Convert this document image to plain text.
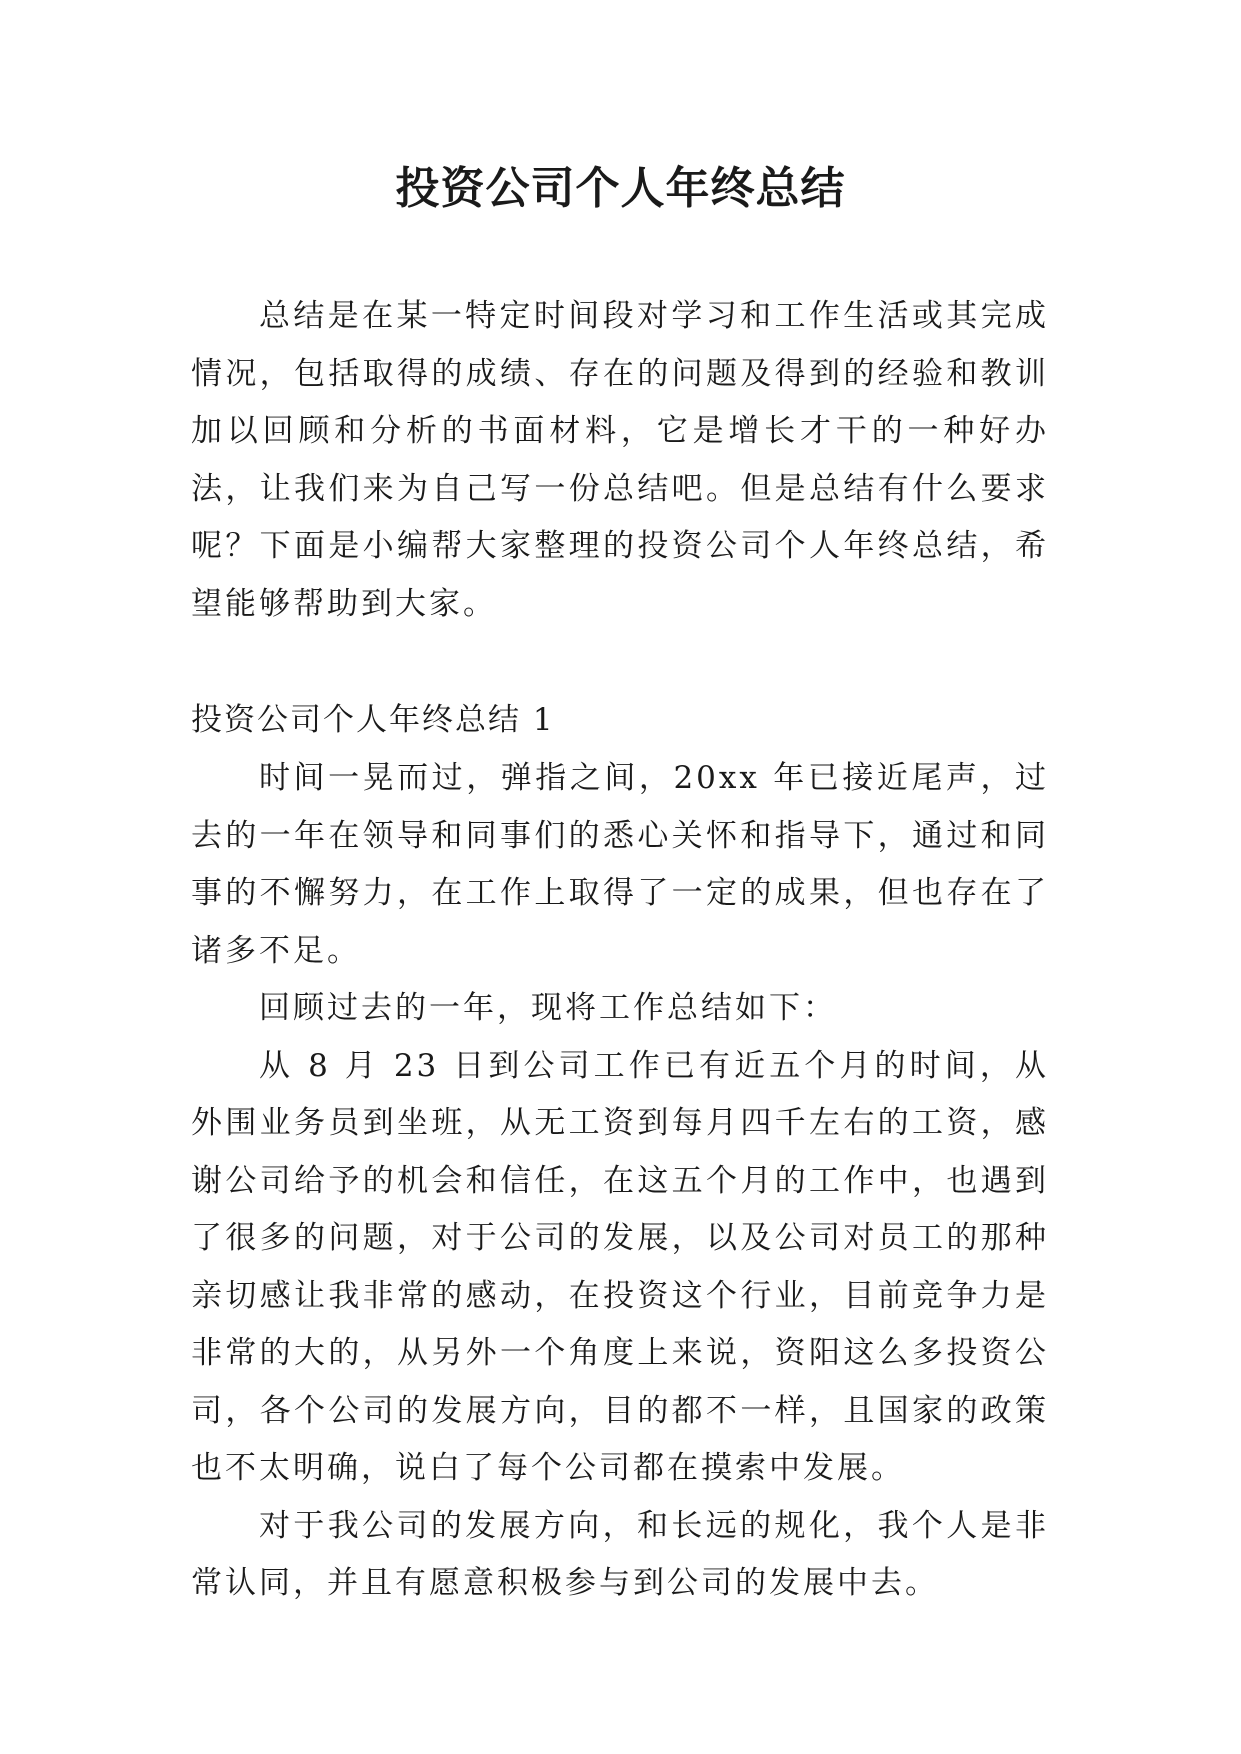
投资公司个人年终总结

总结是在某一特定时间段对学习和工作生活或其完成情况，包括取得的成绩、存在的问题及得到的经验和教训加以回顾和分析的书面材料，它是增长才干的一种好办法，让我们来为自己写一份总结吧。但是总结有什么要求呢？下面是小编帮大家整理的投资公司个人年终总结，希望能够帮助到大家。

投资公司个人年终总结 1

时间一晃而过，弹指之间，20xx 年已接近尾声，过去的一年在领导和同事们的悉心关怀和指导下，通过和同事的不懈努力，在工作上取得了一定的成果，但也存在了诸多不足。

回顾过去的一年，现将工作总结如下：

从 8 月 23 日到公司工作已有近五个月的时间，从外围业务员到坐班，从无工资到每月四千左右的工资，感谢公司给予的机会和信任，在这五个月的工作中，也遇到了很多的问题，对于公司的发展，以及公司对员工的那种亲切感让我非常的感动，在投资这个行业，目前竞争力是非常的大的，从另外一个角度上来说，资阳这么多投资公司，各个公司的发展方向，目的都不一样，且国家的政策也不太明确，说白了每个公司都在摸索中发展。

对于我公司的发展方向，和长远的规化，我个人是非常认同，并且有愿意积极参与到公司的发展中去。
